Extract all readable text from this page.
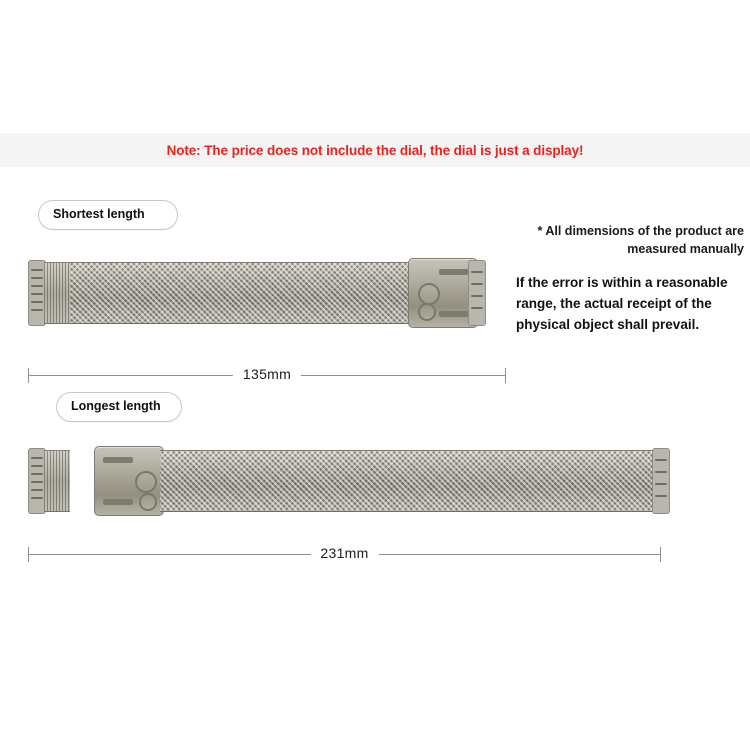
Note: The price does not include the dial, the dial is just a display!
* All dimensions of the product are measured manually
If the error is within a reasonable range, the actual receipt of the physical object shall prevail.
Shortest length
135mm
Longest length
231mm
